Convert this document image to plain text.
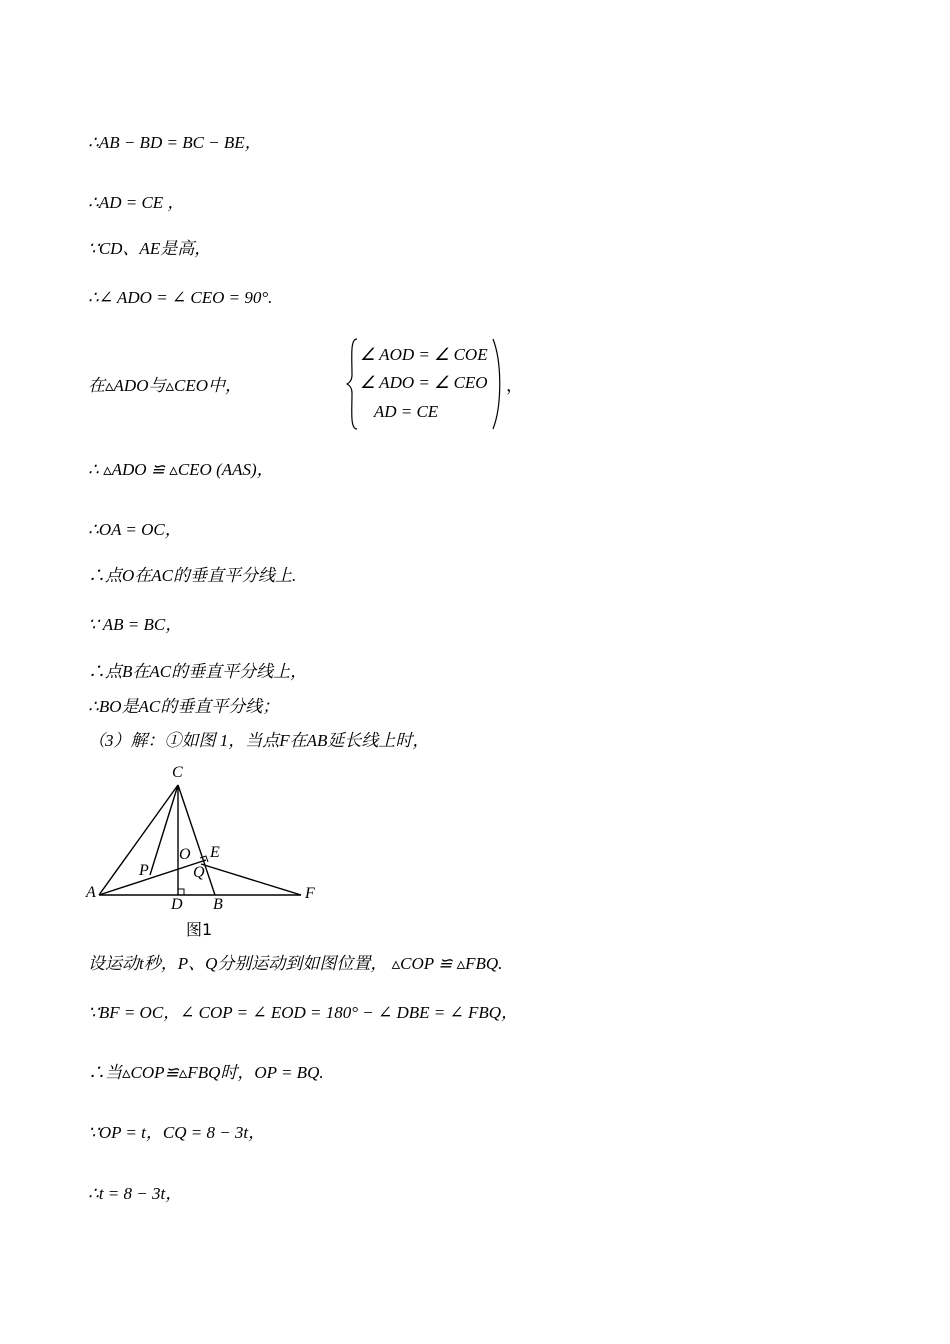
∴AB − BD = BC − BE，
∴AD = CE ，
∵CD、AE是高，
∴∠ ADO = ∠ CEO = 90°.
在▵ADO与▵CEO中，
∠ AOD = ∠ COE
∠ ADO = ∠ CEO
AD = CE
，
∴ ▵ADO ≌ ▵CEO (AAS)，
∴OA = OC，
∴点O在AC的垂直平分线上.
∵ AB = BC，
∴点B在AC的垂直平分线上，
∴BO是AC的垂直平分线；
（3）解：①如图 1，当点F在AB延长线上时，
C
A
D B
F
E
O
P	Q
图1
设运动t秒，P、Q分别运动到如图位置， ▵COP ≌ ▵FBQ.
∵BF = OC，∠ COP = ∠ EOD = 180° − ∠ DBE = ∠ FBQ，
∴当▵COP≌▵FBQ时，OP = BQ.
∵OP = t，CQ = 8 − 3t，
∴t = 8 − 3t，
